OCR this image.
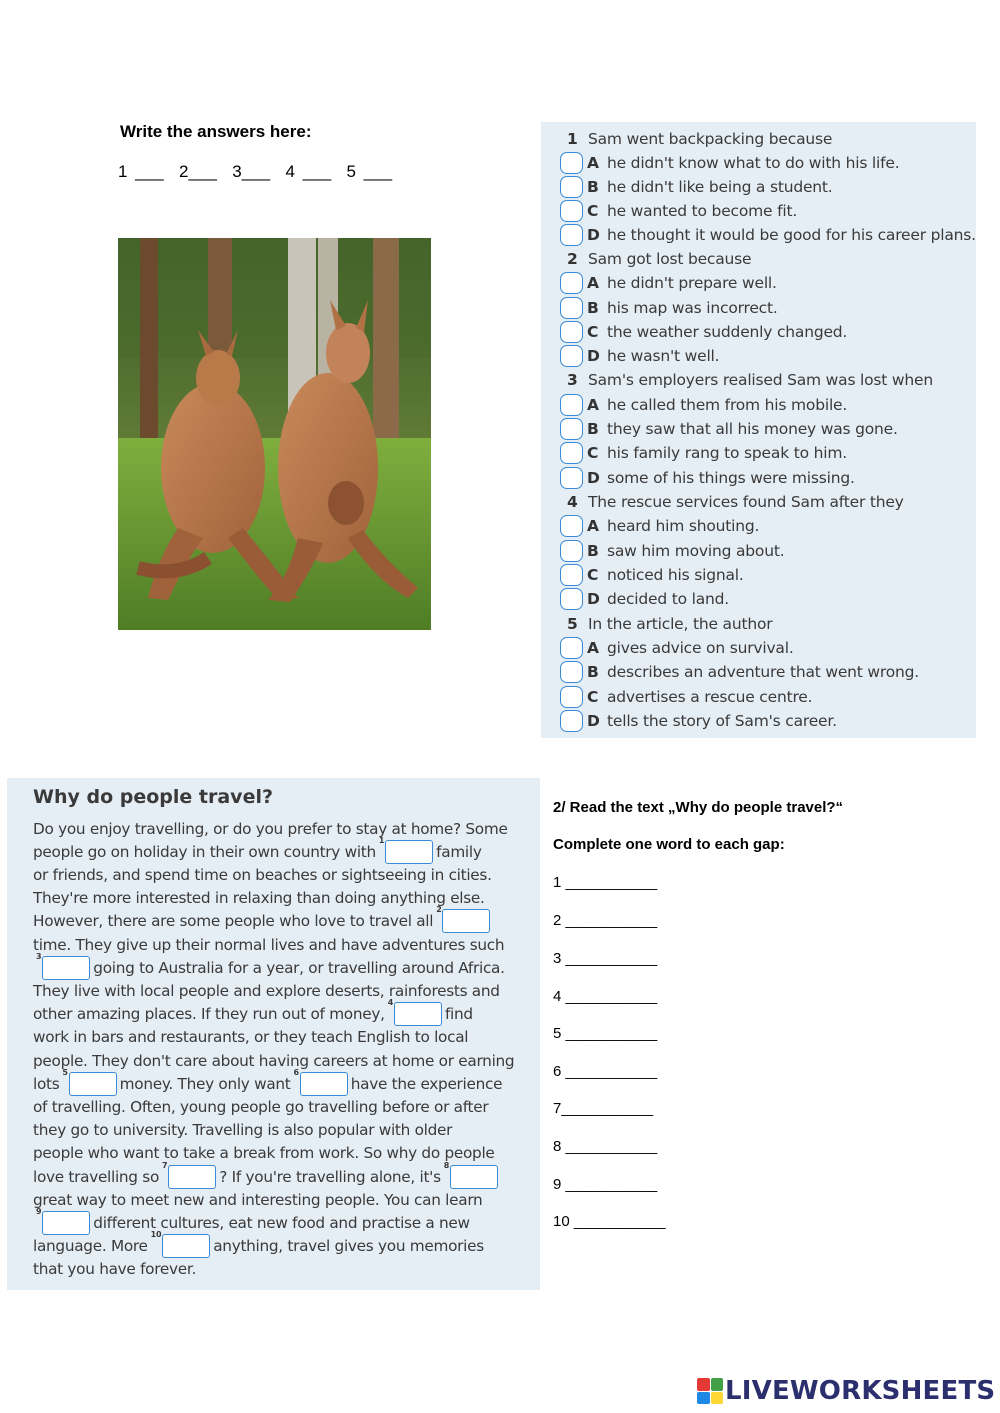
Write the answers here:
1 ___  2___  3___  4 ___  5 ___
1 Sam went backpacking because
A he didn't know what to do with his life.
B he didn't like being a student.
C he wanted to become fit.
D he thought it would be good for his career plans.
2 Sam got lost because
A he didn't prepare well.
B his map was incorrect.
C the weather suddenly changed.
D he wasn't well.
3 Sam's employers realised Sam was lost when
A he called them from his mobile.
B they saw that all his money was gone.
C his family rang to speak to him.
D some of his things were missing.
4 The rescue services found Sam after they
A heard him shouting.
B saw him moving about.
C noticed his signal.
D decided to land.
5 In the article, the author
A gives advice on survival.
B describes an adventure that went wrong.
C advertises a rescue centre.
D tells the story of Sam's career.
Why do people travel?
Do you enjoy travelling, or do you prefer to stay at home? Some
people go on holiday in their own country with
1
family
or friends, and spend time on beaches or sightseeing in cities.
They're more interested in relaxing than doing anything else.
However, there are some people who love to travel all
2
time. They give up their normal lives and have adventures such
3
going to Australia for a year, or travelling around Africa.
They live with local people and explore deserts, rainforests and
other amazing places. If they run out of money,
4
find
work in bars and restaurants, or they teach English to local
people. They don't care about having careers at home or earning
lots
5
money. They only want
6
have the experience
of travelling. Often, young people go travelling before or after
they go to university. Travelling is also popular with older
people who want to take a break from work. So why do people
love travelling so
7
? If you're travelling alone, it's
8
great way to meet new and interesting people. You can learn
9
different cultures, eat new food and practise a new
language. More
10
anything, travel gives you memories
that you have forever.
2/ Read the text „Why do people travel?“
Complete one word to each gap:
1 ___________
2 ___________
3 ___________
4 ___________
5 ___________
6 ___________
7___________
8 ___________
9 ___________
10 ___________
LIVEWORKSHEETS
